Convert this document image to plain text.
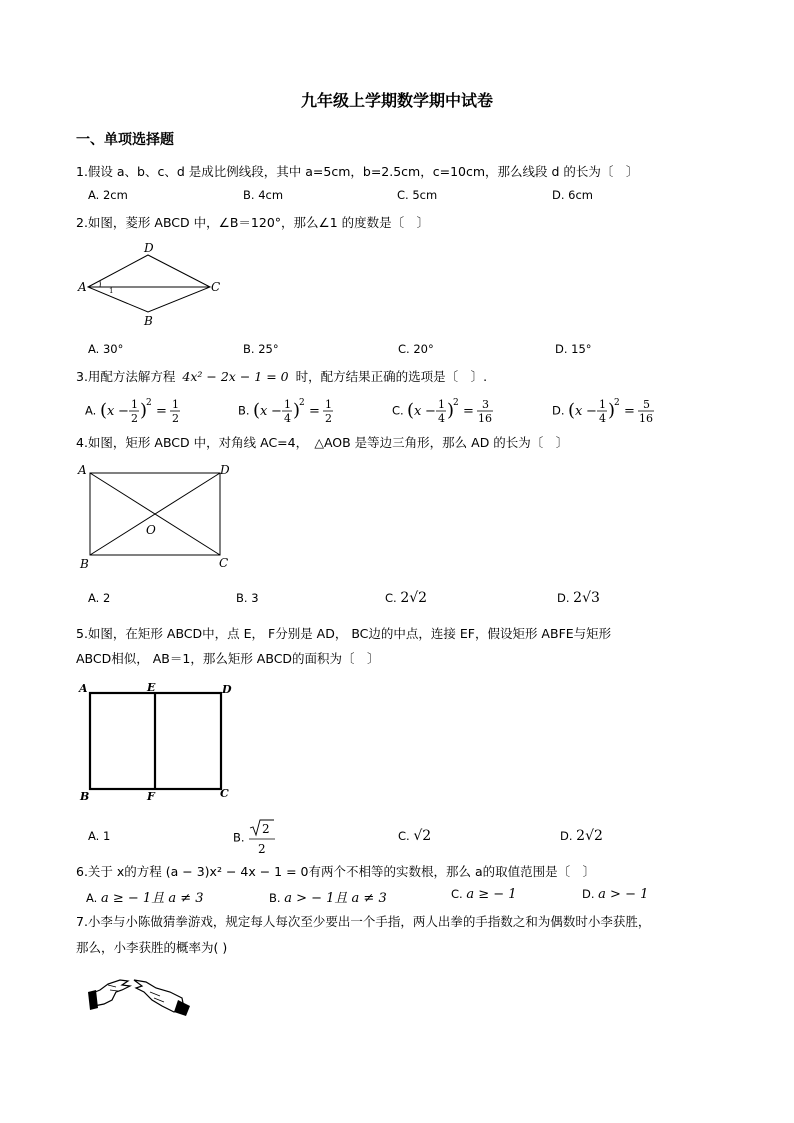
九年级上学期数学期中试卷
一、单项选择题
1.假设 a、b、c、d 是成比例线段，其中 a=5cm，b=2.5cm，c=10cm，那么线段 d 的长为〔　〕
A. 2cm	B. 4cm	C. 5cm	D. 6cm
2.如图，菱形 ABCD 中，∠B＝120°，那么∠1 的度数是〔　〕
A
D
C
B
1
A. 30°	B. 25°	C. 20°	D. 15°
3.用配方法解方程 4x² − 2x − 1 = 0 时，配方结果正确的选项是〔　〕.
A. ( x − 1
2 )
2
= 1
2
B. ( x − 1
4 )
2
= 1
2
C. ( x − 1
4 )
2
= 3
16
D. ( x − 1
4 )
2
= 5
16
4.如图，矩形 ABCD 中，对角线 AC=4，　△AOB 是等边三角形，那么 AD 的长为〔　〕
A	D
O
B	C
A. 2	B. 3	C. 2√2	D. 2√3
5.如图，在矩形 ABCD中，点 E， F分别是 AD， BC边的中点，连接 EF，假设矩形 ABFE与矩形
ABCD相似， AB＝1，那么矩形 ABCD的面积为〔　〕
A	E	D
B	F	C
A. 1	B.
2
2
C. √2	D. 2√2
6.关于 x的方程 (a − 3)x² − 4x − 1 = 0有两个不相等的实数根，那么 a的取值范围是〔　〕
A. a ≥ − 1且 a ≠ 3	B. a > − 1且 a ≠ 3	C. a ≥ − 1	D. a > − 1
7.小李与小陈做猜拳游戏，规定每人每次至少要出一个手指，两人出拳的手指数之和为偶数时小李获胜，
那么，小李获胜的概率为( )
